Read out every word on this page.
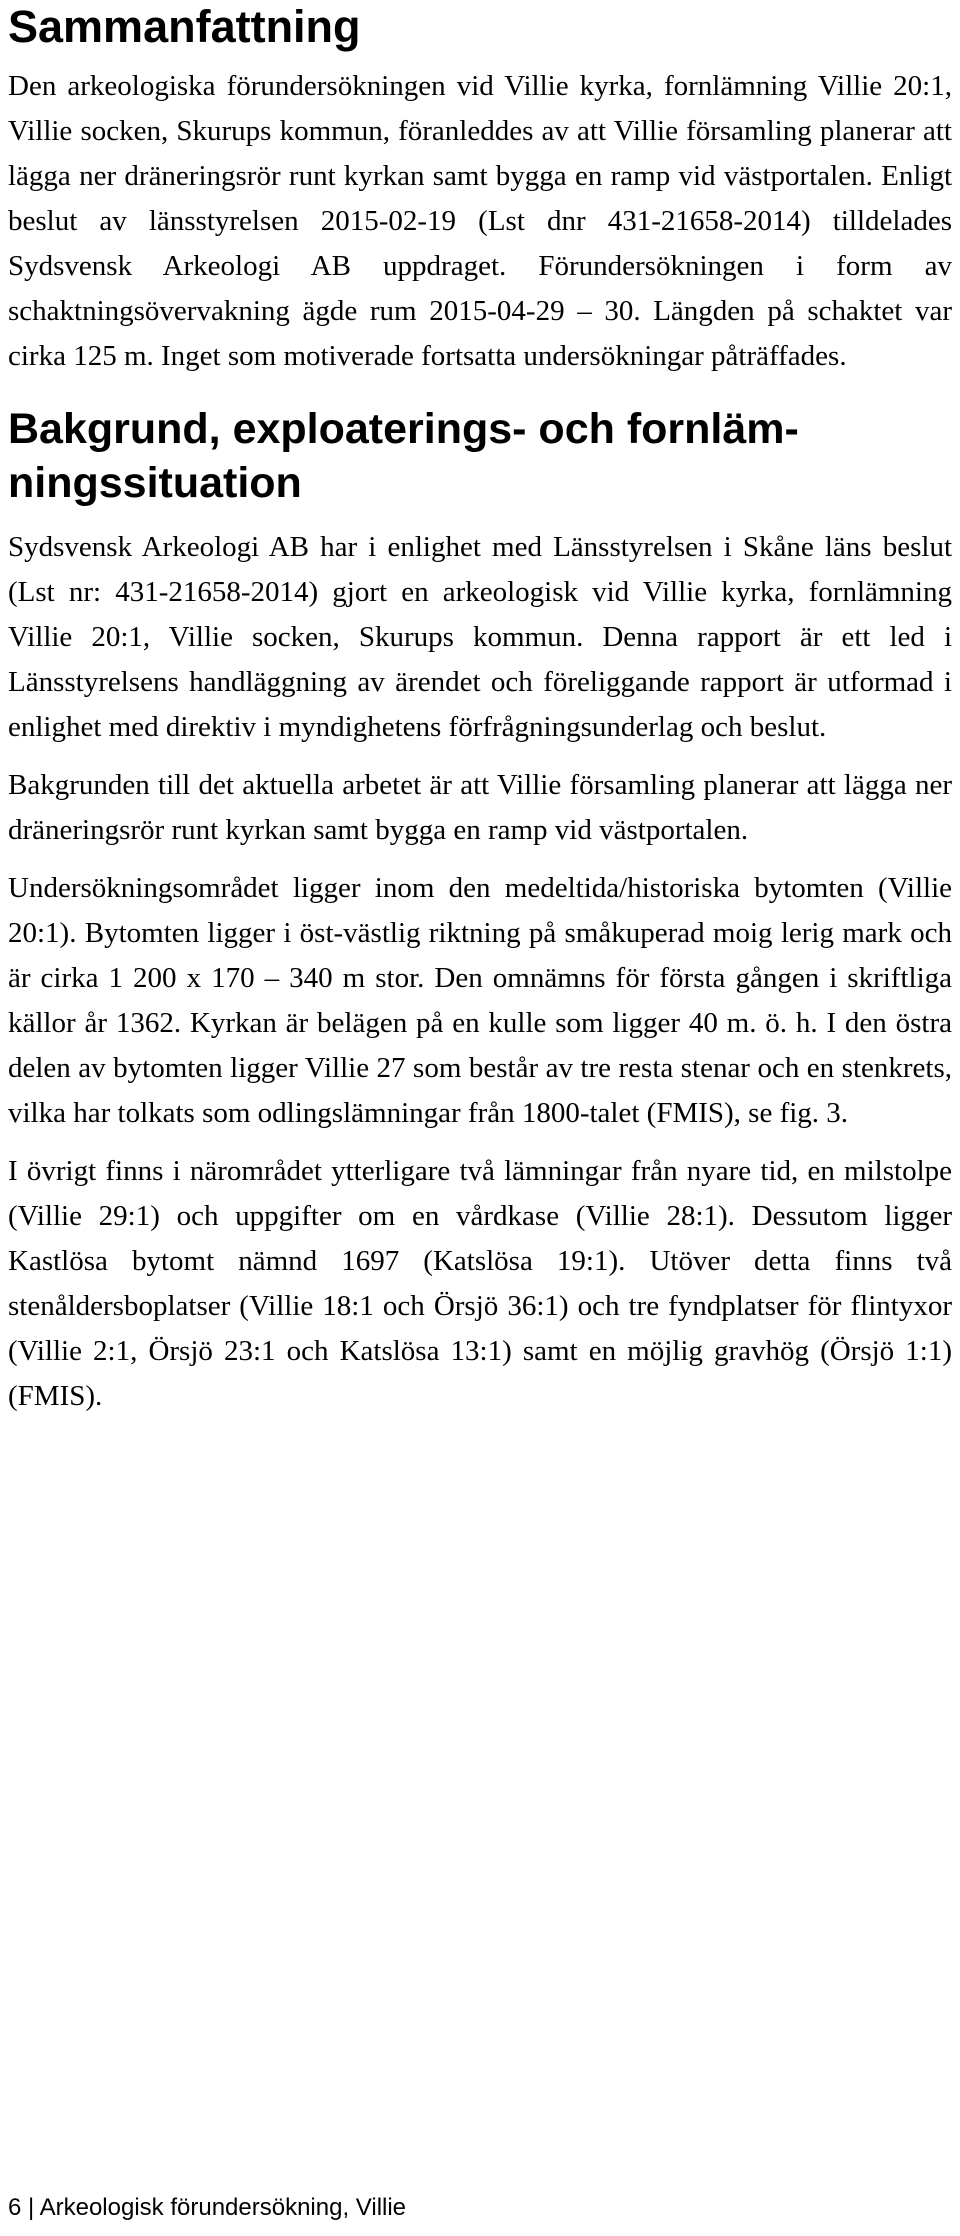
Sammanfattning

Den arkeologiska förundersökningen vid Villie kyrka, fornlämning Villie 20:1, Villie socken, Skurups kommun, föranleddes av att Villie församling planerar att lägga ner dräneringsrör runt kyrkan samt bygga en ramp vid västportalen. Enligt beslut av länsstyrelsen 2015-02-19 (Lst dnr 431-21658-2014) tilldelades Sydsvensk Arkeologi AB uppdraget. Förundersökningen i form av schaktningsövervakning ägde rum 2015-04-29 – 30. Längden på schaktet var cirka 125 m. Inget som motiverade fortsatta undersökningar påträffades.

Bakgrund, exploaterings- och fornlämningssituation

Sydsvensk Arkeologi AB har i enlighet med Länsstyrelsen i Skåne läns beslut (Lst nr: 431-21658-2014) gjort en arkeologisk vid Villie kyrka, fornlämning Villie 20:1, Villie socken, Skurups kommun. Denna rapport är ett led i Länsstyrelsens handläggning av ärendet och föreliggande rapport är utformad i enlighet med direktiv i myndighetens förfrågningsunderlag och beslut.

Bakgrunden till det aktuella arbetet är att Villie församling planerar att lägga ner dräneringsrör runt kyrkan samt bygga en ramp vid västportalen.

Undersökningsområdet ligger inom den medeltida/historiska bytomten (Villie 20:1). Bytomten ligger i öst-västlig riktning på småkuperad moig lerig mark och är cirka 1 200 x 170 – 340 m stor. Den omnämns för första gången i skriftliga källor år 1362. Kyrkan är belägen på en kulle som ligger 40 m. ö. h. I den östra delen av bytomten ligger Villie 27 som består av tre resta stenar och en stenkrets, vilka har tolkats som odlingslämningar från 1800-talet (FMIS), se fig. 3.

I övrigt finns i närområdet ytterligare två lämningar från nyare tid, en milstolpe (Villie 29:1) och uppgifter om en vårdkase (Villie 28:1). Dessutom ligger Kastlösa bytomt nämnd 1697 (Katslösa 19:1). Utöver detta finns två stenåldersboplatser (Villie 18:1 och Örsjö 36:1) och tre fyndplatser för flintyxor (Villie 2:1, Örsjö 23:1 och Katslösa 13:1) samt en möjlig gravhög (Örsjö 1:1) (FMIS).

6 | Arkeologisk förundersökning, Villie
